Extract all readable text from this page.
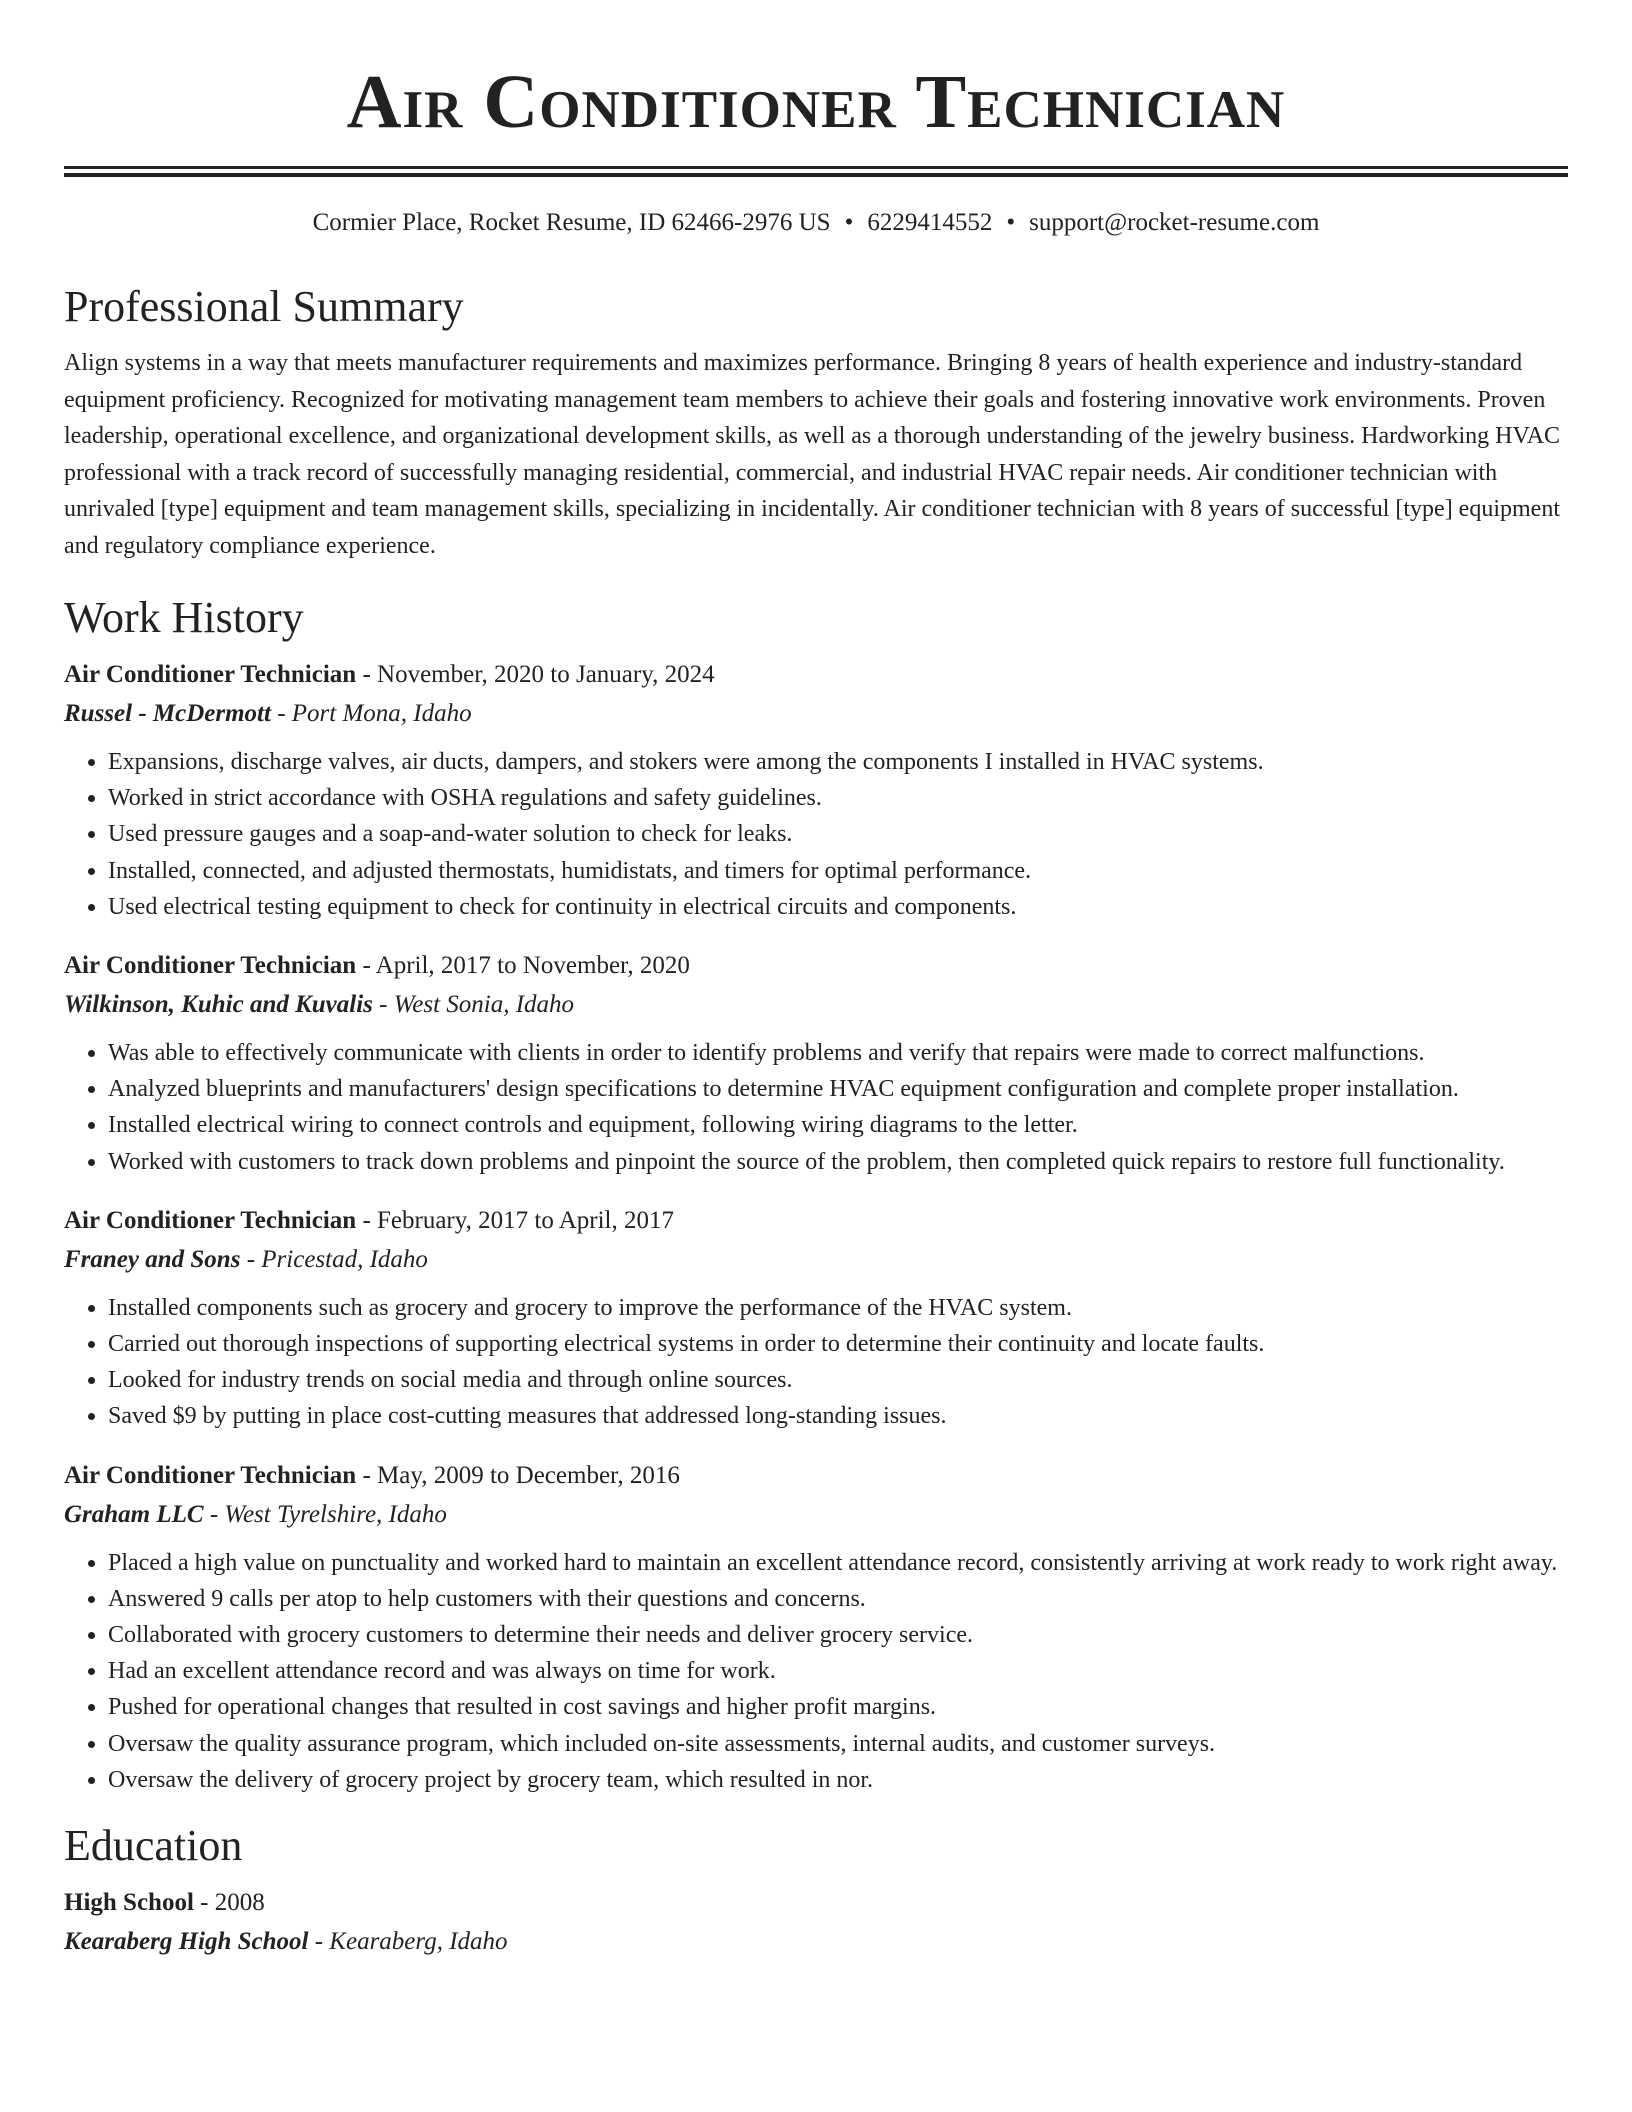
Air Conditioner Technician
Cormier Place, Rocket Resume, ID 62466-2976 US • 6229414552 • support@rocket-resume.com
Professional Summary

Align systems in a way that meets manufacturer requirements and maximizes performance. Bringing 8 years of health experience and industry-standard equipment proficiency. Recognized for motivating management team members to achieve their goals and fostering innovative work environments. Proven leadership, operational excellence, and organizational development skills, as well as a thorough understanding of the jewelry business. Hardworking HVAC professional with a track record of successfully managing residential, commercial, and industrial HVAC repair needs. Air conditioner technician with unrivaled [type] equipment and team management skills, specializing in incidentally. Air conditioner technician with 8 years of successful [type] equipment and regulatory compliance experience.

Work History
Air Conditioner Technician - November, 2020 to January, 2024
Russel - McDermott - Port Mona, Idaho
• Expansions, discharge valves, air ducts, dampers, and stokers were among the components I installed in HVAC systems.
• Worked in strict accordance with OSHA regulations and safety guidelines.
• Used pressure gauges and a soap-and-water solution to check for leaks.
• Installed, connected, and adjusted thermostats, humidistats, and timers for optimal performance.
• Used electrical testing equipment to check for continuity in electrical circuits and components.
Air Conditioner Technician - April, 2017 to November, 2020
Wilkinson, Kuhic and Kuvalis - West Sonia, Idaho
• Was able to effectively communicate with clients in order to identify problems and verify that repairs were made to correct malfunctions.
• Analyzed blueprints and manufacturers' design specifications to determine HVAC equipment configuration and complete proper installation.
• Installed electrical wiring to connect controls and equipment, following wiring diagrams to the letter.
• Worked with customers to track down problems and pinpoint the source of the problem, then completed quick repairs to restore full functionality.
Air Conditioner Technician - February, 2017 to April, 2017
Franey and Sons - Pricestad, Idaho
• Installed components such as grocery and grocery to improve the performance of the HVAC system.
• Carried out thorough inspections of supporting electrical systems in order to determine their continuity and locate faults.
• Looked for industry trends on social media and through online sources.
• Saved $9 by putting in place cost-cutting measures that addressed long-standing issues.
Air Conditioner Technician - May, 2009 to December, 2016
Graham LLC - West Tyrelshire, Idaho
• Placed a high value on punctuality and worked hard to maintain an excellent attendance record, consistently arriving at work ready to work right away.
• Answered 9 calls per atop to help customers with their questions and concerns.
• Collaborated with grocery customers to determine their needs and deliver grocery service.
• Had an excellent attendance record and was always on time for work.
• Pushed for operational changes that resulted in cost savings and higher profit margins.
• Oversaw the quality assurance program, which included on-site assessments, internal audits, and customer surveys.
• Oversaw the delivery of grocery project by grocery team, which resulted in nor.
Education
High School - 2008
Kearaberg High School - Kearaberg, Idaho
